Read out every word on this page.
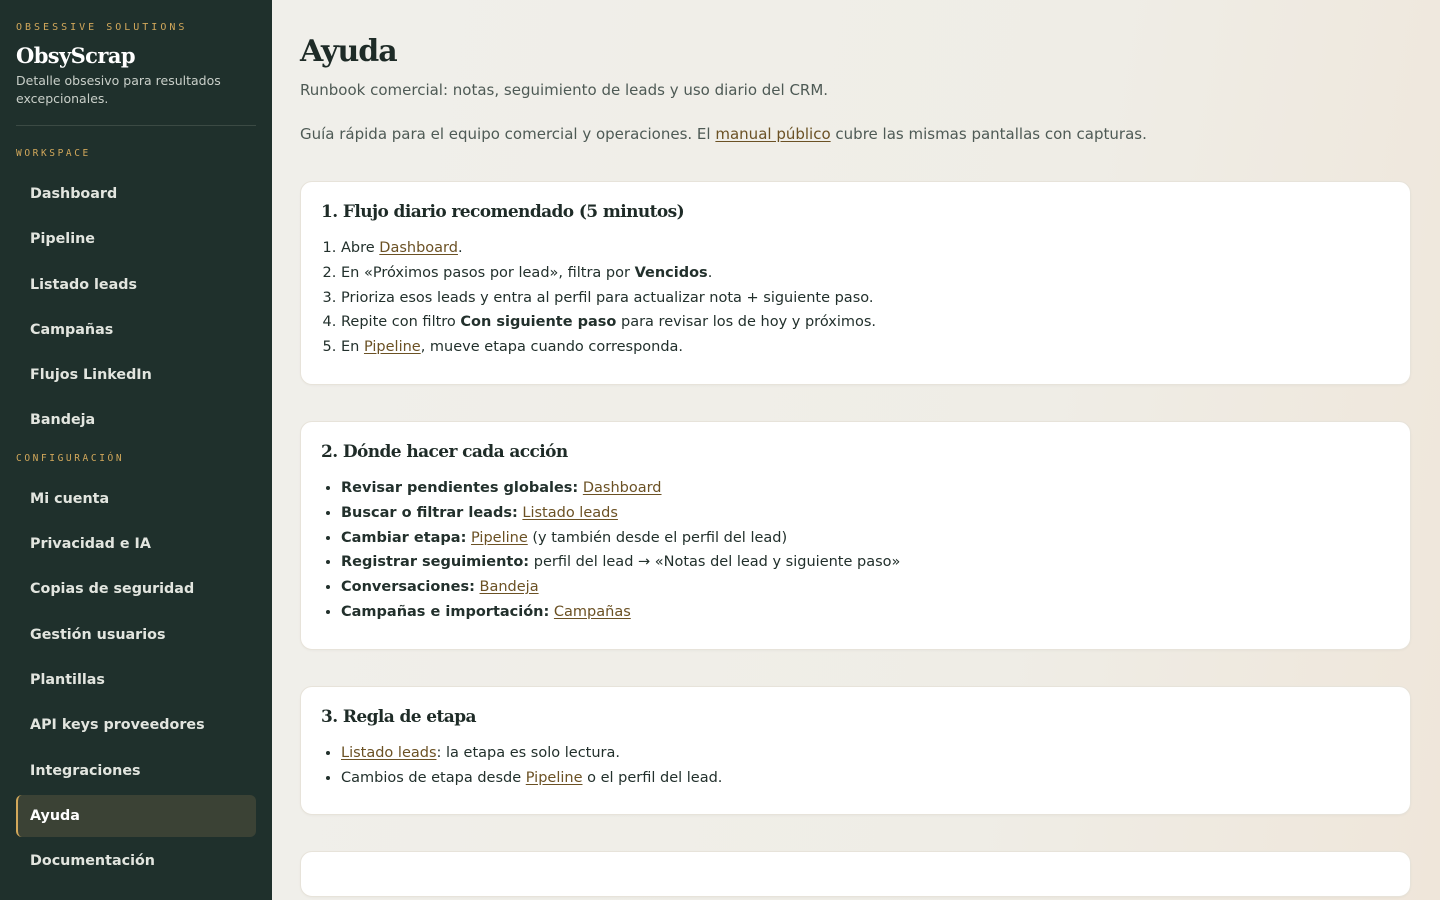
OBSESSIVE SOLUTIONS

ObsyScrap

Detalle obsesivo para resultados excepcionales.

WORKSPACE

Dashboard
Pipeline
Listado leads
Campañas
Flujos LinkedIn
Bandeja

CONFIGURACIÓN

Mi cuenta
Privacidad e IA
Copias de seguridad
Gestión usuarios
Plantillas
API keys proveedores
Integraciones
Ayuda
Documentación
Ayuda

Runbook comercial: notas, seguimiento de leads y uso diario del CRM.

Guía rápida para el equipo comercial y operaciones. El manual público cubre las mismas pantallas con capturas.

1. Flujo diario recomendado (5 minutos)
1. Abre Dashboard.
2. En «Próximos pasos por lead», filtra por Vencidos.
3. Prioriza esos leads y entra al perfil para actualizar nota + siguiente paso.
4. Repite con filtro Con siguiente paso para revisar los de hoy y próximos.
5. En Pipeline, mueve etapa cuando corresponda.
2. Dónde hacer cada acción
• Revisar pendientes globales: Dashboard
• Buscar o filtrar leads: Listado leads
• Cambiar etapa: Pipeline (y también desde el perfil del lead)
• Registrar seguimiento: perfil del lead → «Notas del lead y siguiente paso»
• Conversaciones: Bandeja
• Campañas e importación: Campañas
3. Regla de etapa
• Listado leads: la etapa es solo lectura.
• Cambios de etapa desde Pipeline o el perfil del lead.
